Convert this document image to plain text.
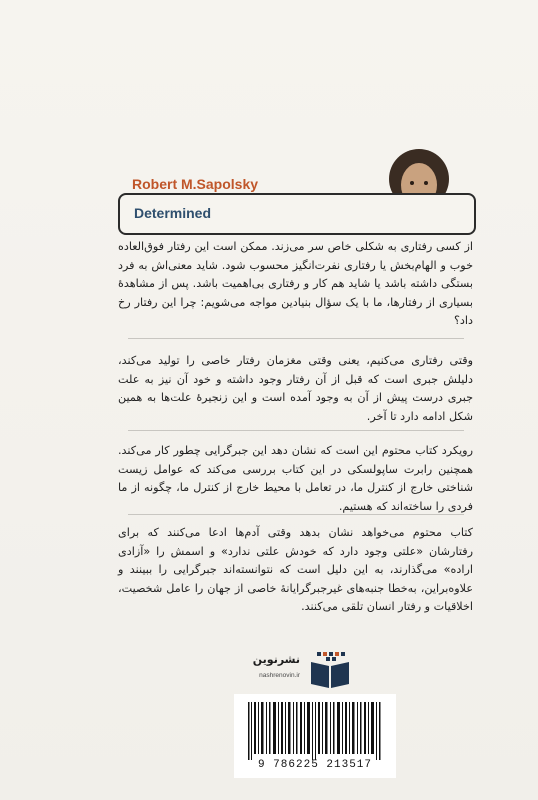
Robert M.Sapolsky
Determined
از کسی رفتاری به شکلی خاص سر می‌زند. ممکن است این رفتار فوق‌العاده خوب و الهام‌بخش یا رفتاری نفرت‌انگیز محسوب شود. شاید معنی‌اش به فرد بستگی داشته باشد یا شاید هم کار و رفتاری بی‌اهمیت باشد. پس از مشاهدهٔ بسیاری از رفتارها، ما با یک سؤال بنیادین مواجه می‌شویم: چرا این رفتار رخ داد؟
وقتی رفتاری می‌کنیم، یعنی وقتی مغزمان رفتار خاصی را تولید می‌کند، دلیلش جبری است که قبل از آن رفتار وجود داشته و خود آن نیز به علت جبری درست پیش از آن به وجود آمده است و این زنجیرهٔ علت‌ها به همین شکل ادامه دارد تا آخر.
رویکرد کتاب محتوم این است که نشان دهد این جبرگرایی چطور کار می‌کند. همچنین رابرت ساپولسکی در این کتاب بررسی می‌کند که عوامل زیست شناختی خارج از کنترل ما، در تعامل با محیط خارج از کنترل ما، چگونه از ما فردی را ساخته‌اند که هستیم.
کتاب محتوم می‌خواهد نشان بدهد وقتی آدم‌ها ادعا می‌کنند که برای رفتارشان «علتی وجود دارد که خودش علتی ندارد» و اسمش را «آزادی اراده» می‌گذارند، به این دلیل است که نتوانسته‌اند جبرگرایی را ببینند و علاوه‌براین، به‌خطا جنبه‌های غیرجبرگرایانهٔ خاصی از جهان را عامل شخصیت، اخلاقیات و رفتار انسان تلقی می‌کنند.
نشرنوین
nashrenovin.ir
9 786225 213517
